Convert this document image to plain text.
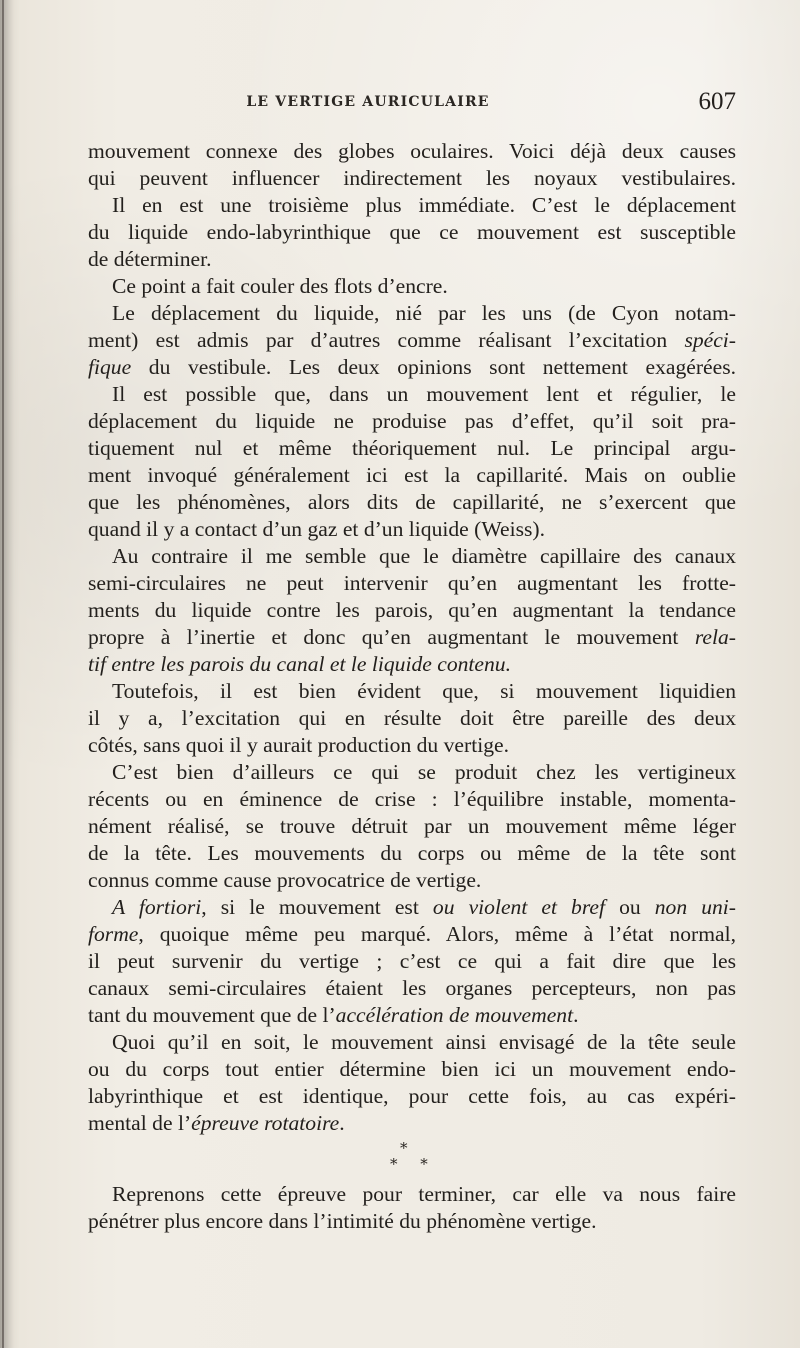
LE VERTIGE AURICULAIRE	607
mouvement connexe des globes oculaires. Voici déjà deux causes
qui peuvent influencer indirectement les noyaux vestibulaires.
Il en est une troisième plus immédiate. C’est le déplacement
du liquide endo-labyrinthique que ce mouvement est susceptible
de déterminer.
Ce point a fait couler des flots d’encre.
Le déplacement du liquide, nié par les uns (de Cyon notam-
ment) est admis par d’autres comme réalisant l’excitation spéci-
fique du vestibule. Les deux opinions sont nettement exagérées.
Il est possible que, dans un mouvement lent et régulier, le
déplacement du liquide ne produise pas d’effet, qu’il soit pra-
tiquement nul et même théoriquement nul. Le principal argu-
ment invoqué généralement ici est la capillarité. Mais on oublie
que les phénomènes, alors dits de capillarité, ne s’exercent que
quand il y a contact d’un gaz et d’un liquide (Weiss).
Au contraire il me semble que le diamètre capillaire des canaux
semi-circulaires ne peut intervenir qu’en augmentant les frotte-
ments du liquide contre les parois, qu’en augmentant la tendance
propre à l’inertie et donc qu’en augmentant le mouvement rela-
tif entre les parois du canal et le liquide contenu.
Toutefois, il est bien évident que, si mouvement liquidien
il y a, l’excitation qui en résulte doit être pareille des deux
côtés, sans quoi il y aurait production du vertige.
C’est bien d’ailleurs ce qui se produit chez les vertigineux
récents ou en éminence de crise : l’équilibre instable, momenta-
nément réalisé, se trouve détruit par un mouvement même léger
de la tête. Les mouvements du corps ou même de la tête sont
connus comme cause provocatrice de vertige.
A fortiori, si le mouvement est ou violent et bref ou non uni-
forme, quoique même peu marqué. Alors, même à l’état normal,
il peut survenir du vertige ; c’est ce qui a fait dire que les
canaux semi-circulaires étaient les organes percepteurs, non pas
tant du mouvement que de l’accélération de mouvement.
Quoi qu’il en soit, le mouvement ainsi envisagé de la tête seule
ou du corps tout entier détermine bien ici un mouvement endo-
labyrinthique et est identique, pour cette fois, au cas expéri-
mental de l’épreuve rotatoire.
*
* *
Reprenons cette épreuve pour terminer, car elle va nous faire
pénétrer plus encore dans l’intimité du phénomène vertige.
